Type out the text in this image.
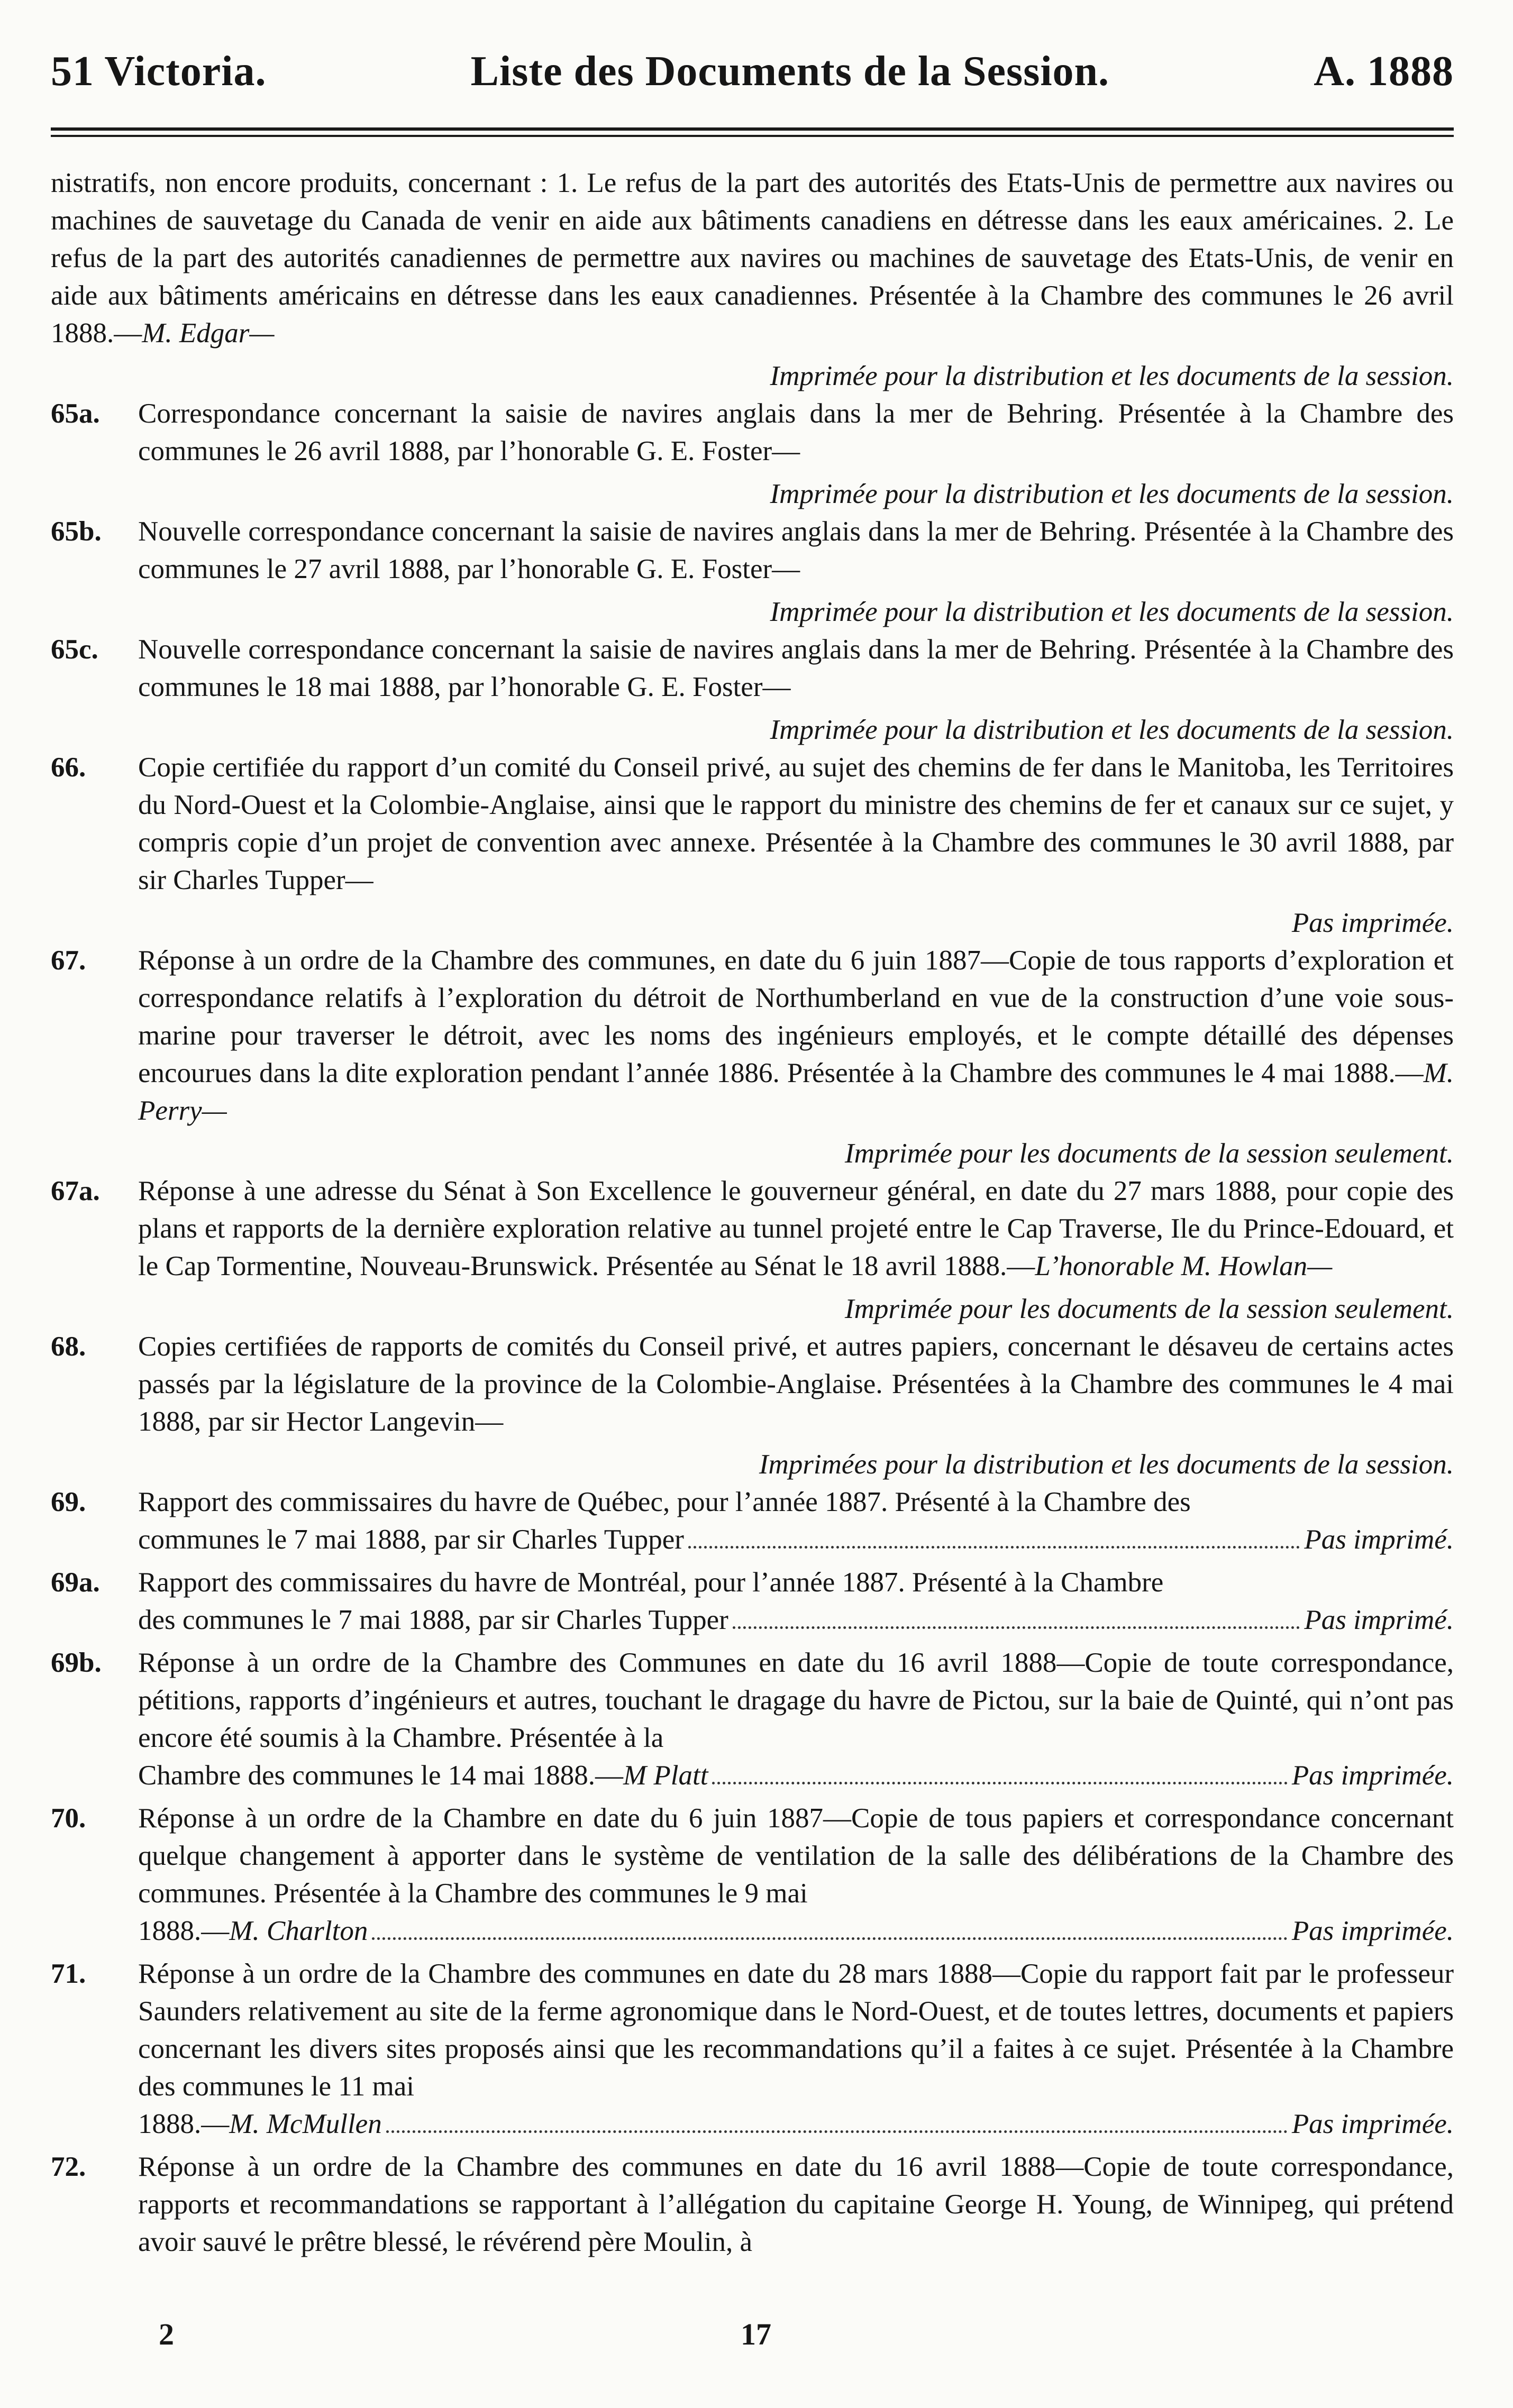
51 Victoria.	Liste des Documents de la Session.	A. 1888
nistratifs, non encore produits, concernant : 1. Le refus de la part des autorités des Etats-Unis de permettre aux navires ou machines de sauvetage du Canada de venir en aide aux bâtiments canadiens en détresse dans les eaux américaines. 2. Le refus de la part des autorités canadiennes de permettre aux navires ou machines de sauvetage des Etats-Unis, de venir en aide aux bâtiments américains en détresse dans les eaux canadiennes. Présentée à la Chambre des communes le 26 avril 1888.—M. Edgar—
Imprimée pour la distribution et les documents de la session.
65a. Correspondance concernant la saisie de navires anglais dans la mer de Behring. Présentée à la Chambre des communes le 26 avril 1888, par l’honorable G. E. Foster—
Imprimée pour la distribution et les documents de la session.
65b. Nouvelle correspondance concernant la saisie de navires anglais dans la mer de Behring. Présentée à la Chambre des communes le 27 avril 1888, par l’honorable G. E. Foster—
Imprimée pour la distribution et les documents de la session.
65c. Nouvelle correspondance concernant la saisie de navires anglais dans la mer de Behring. Présentée à la Chambre des communes le 18 mai 1888, par l’honorable G. E. Foster—
Imprimée pour la distribution et les documents de la session.
66. Copie certifiée du rapport d’un comité du Conseil privé, au sujet des chemins de fer dans le Manitoba, les Territoires du Nord-Ouest et la Colombie-Anglaise, ainsi que le rapport du ministre des chemins de fer et canaux sur ce sujet, y compris copie d’un projet de convention avec annexe. Présentée à la Chambre des communes le 30 avril 1888, par sir Charles Tupper—
Pas imprimée.
67. Réponse à un ordre de la Chambre des communes, en date du 6 juin 1887—Copie de tous rapports d’exploration et correspondance relatifs à l’exploration du détroit de Northumberland en vue de la construction d’une voie sous-marine pour traverser le détroit, avec les noms des ingénieurs employés, et le compte détaillé des dépenses encourues dans la dite exploration pendant l’année 1886. Présentée à la Chambre des communes le 4 mai 1888.—M. Perry—
Imprimée pour les documents de la session seulement.
67a. Réponse à une adresse du Sénat à Son Excellence le gouverneur général, en date du 27 mars 1888, pour copie des plans et rapports de la dernière exploration relative au tunnel projeté entre le Cap Traverse, Ile du Prince-Edouard, et le Cap Tormentine, Nouveau-Brunswick. Présentée au Sénat le 18 avril 1888.—L’honorable M. Howlan—
Imprimée pour les documents de la session seulement.
68. Copies certifiées de rapports de comités du Conseil privé, et autres papiers, concernant le désaveu de certains actes passés par la législature de la province de la Colombie-Anglaise. Présentées à la Chambre des communes le 4 mai 1888, par sir Hector Langevin—
Imprimées pour la distribution et les documents de la session.
69. Rapport des commissaires du havre de Québec, pour l’année 1887. Présenté à la Chambre des
communes le 7 mai 1888, par sir Charles Tupper	Pas imprimé.
69a. Rapport des commissaires du havre de Montréal, pour l’année 1887. Présenté à la Chambre
des communes le 7 mai 1888, par sir Charles Tupper	Pas imprimé.
69b. Réponse à un ordre de la Chambre des Communes en date du 16 avril 1888—Copie de toute correspondance, pétitions, rapports d’ingénieurs et autres, touchant le dragage du havre de Pictou, sur la baie de Quinté, qui n’ont pas encore été soumis à la Chambre. Présentée à la
Chambre des communes le 14 mai 1888.— M Platt	Pas imprimée.
70. Réponse à un ordre de la Chambre en date du 6 juin 1887—Copie de tous papiers et correspondance concernant quelque changement à apporter dans le système de ventilation de la salle des délibérations de la Chambre des communes. Présentée à la Chambre des communes le 9 mai
1888.— M. Charlton	Pas imprimée.
71. Réponse à un ordre de la Chambre des communes en date du 28 mars 1888—Copie du rapport fait par le professeur Saunders relativement au site de la ferme agronomique dans le Nord-Ouest, et de toutes lettres, documents et papiers concernant les divers sites proposés ainsi que les recommandations qu’il a faites à ce sujet. Présentée à la Chambre des communes le 11 mai
1888.— M. McMullen	Pas imprimée.
72. Réponse à un ordre de la Chambre des communes en date du 16 avril 1888—Copie de toute correspondance, rapports et recommandations se rapportant à l’allégation du capitaine George H. Young, de Winnipeg, qui prétend avoir sauvé le prêtre blessé, le révérend père Moulin, à
2	17
